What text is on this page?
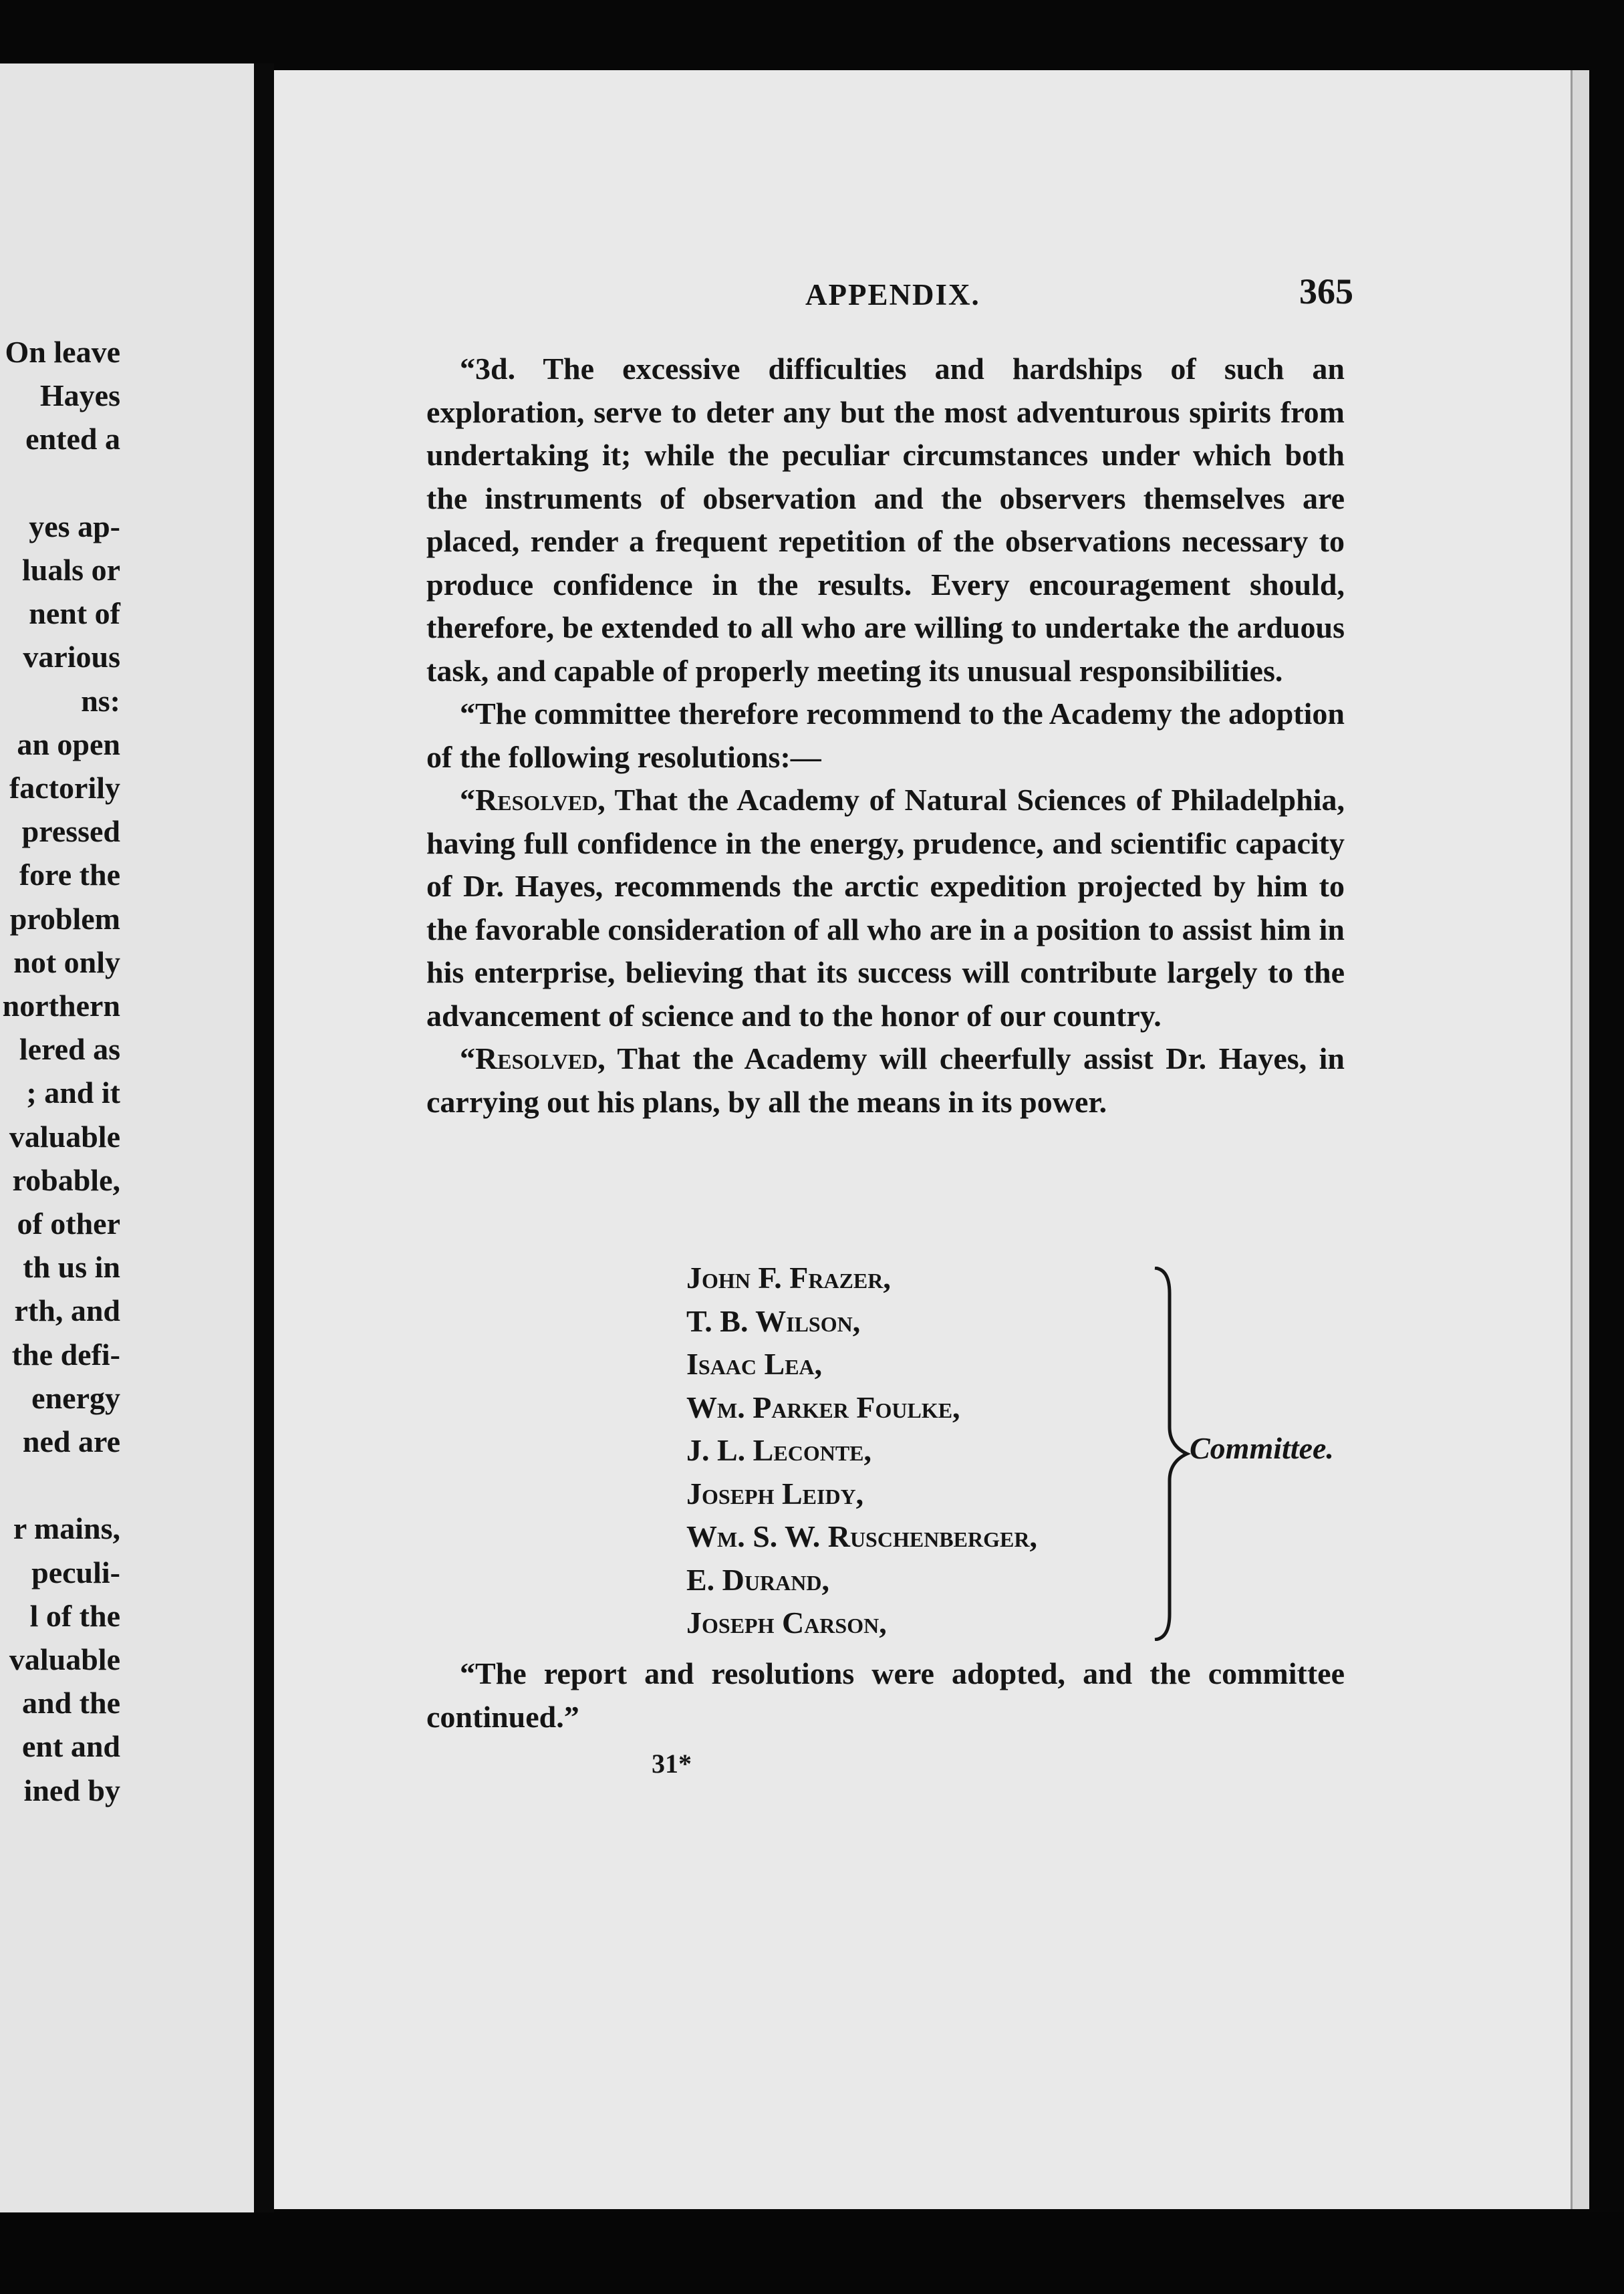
On leave
Hayes
ented a
yes ap-
luals or
nent of
various
ns:
an open
factorily
pressed
fore the
problem
not only
northern
lered as
; and it
valuable
robable,
of other
th us in
rth, and
the defi-
energy
ned are
r mains,
peculi-
l of the
valuable
and the
ent and
ined by
APPENDIX.	365

“3d. The excessive difficulties and hardships of such an exploration, serve to deter any but the most adventurous spirits from undertaking it; while the peculiar circumstances under which both the instruments of observation and the observers themselves are placed, render a frequent repetition of the observations necessary to produce confidence in the results. Every encouragement should, therefore, be extended to all who are willing to undertake the arduous task, and capable of properly meeting its unusual responsibilities.

“The committee therefore recommend to the Academy the adoption of the following resolutions:—

“Resolved, That the Academy of Natural Sciences of Philadelphia, having full confidence in the energy, prudence, and scientific capacity of Dr. Hayes, recommends the arctic expedition projected by him to the favorable consideration of all who are in a position to assist him in his enterprise, believing that its success will contribute largely to the advancement of science and to the honor of our country.

“Resolved, That the Academy will cheerfully assist Dr. Hayes, in carrying out his plans, by all the means in its power.

John F. Frazer,
T. B. Wilson,
Isaac Lea,
Wm. Parker Foulke,
J. L. Leconte,
Joseph Leidy,
Wm. S. W. Ruschenberger,
E. Durand,
Joseph Carson,
Committee.

“The report and resolutions were adopted, and the committee continued.”

31*
